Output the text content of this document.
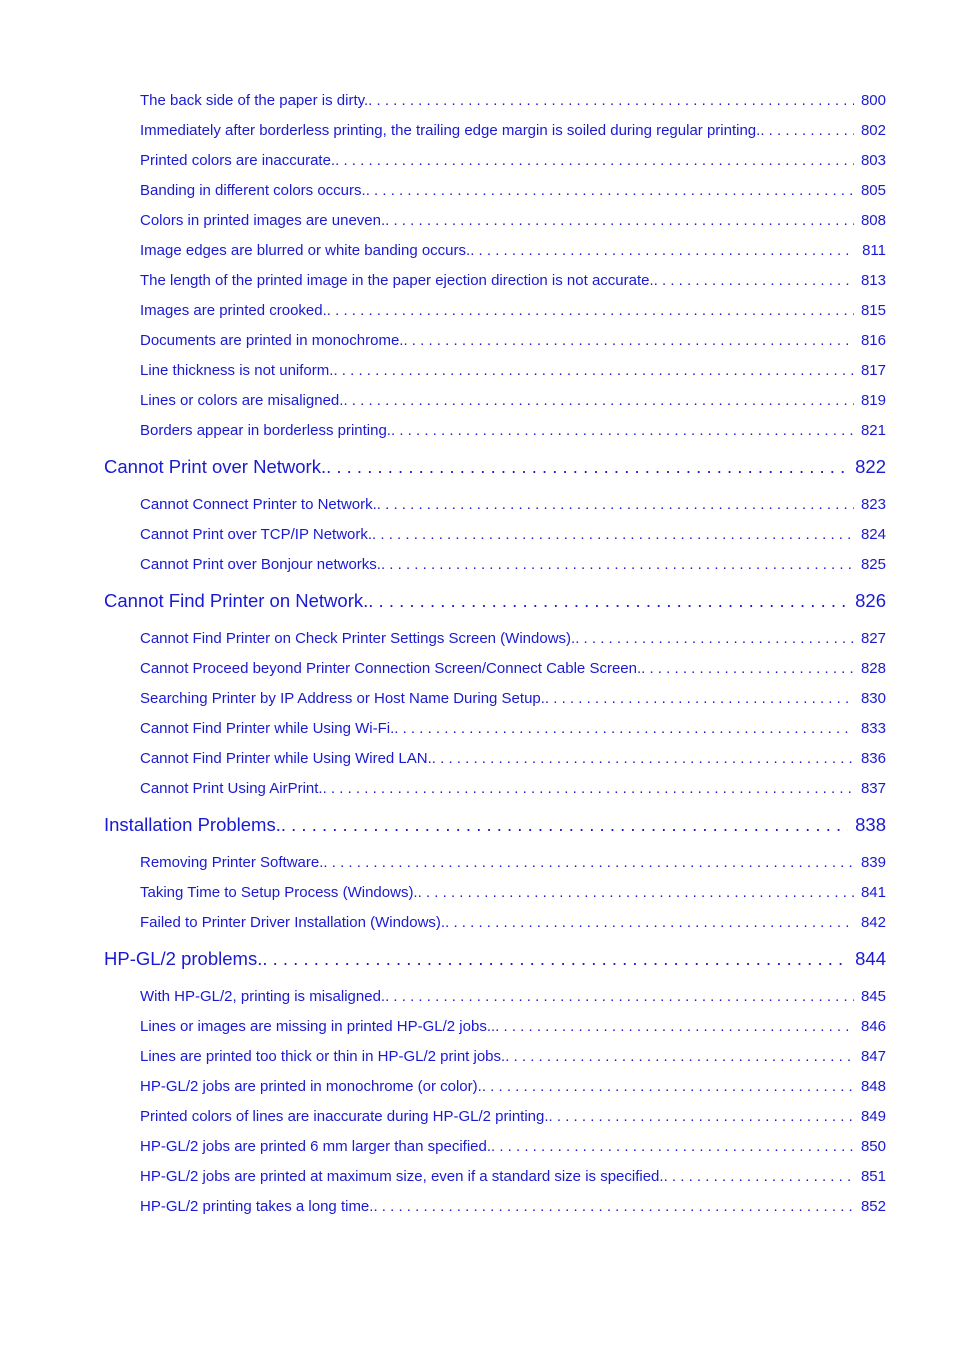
The back side of the paper is dirty. . . .	800
Immediately after borderless printing, the trailing edge margin is soiled during regular printing. . . .	802
Printed colors are inaccurate. . . .	803
Banding in different colors occurs. . . .	805
Colors in printed images are uneven. . . .	808
Image edges are blurred or white banding occurs. . . .	811
The length of the printed image in the paper ejection direction is not accurate. . . .	813
Images are printed crooked. . . .	815
Documents are printed in monochrome. . . .	816
Line thickness is not uniform. . . .	817
Lines or colors are misaligned. . . .	819
Borders appear in borderless printing. . . .	821
Cannot Print over Network. . . .	822
Cannot Connect Printer to Network. . . .	823
Cannot Print over TCP/IP Network. . . .	824
Cannot Print over Bonjour networks. . . .	825
Cannot Find Printer on Network. . . .	826
Cannot Find Printer on Check Printer Settings Screen (Windows). . . .	827
Cannot Proceed beyond Printer Connection Screen/Connect Cable Screen. . . .	828
Searching Printer by IP Address or Host Name During Setup. . . .	830
Cannot Find Printer while Using Wi-Fi. . . .	833
Cannot Find Printer while Using Wired LAN. . . .	836
Cannot Print Using AirPrint. . . .	837
Installation Problems. . . .	838
Removing Printer Software. . . .	839
Taking Time to Setup Process (Windows). . . .	841
Failed to Printer Driver Installation (Windows). . . .	842
HP-GL/2 problems. . . .	844
With HP-GL/2, printing is misaligned. . . .	845
Lines or images are missing in printed HP-GL/2 jobs.. . . .	846
Lines are printed too thick or thin in HP-GL/2 print jobs. . . .	847
HP-GL/2 jobs are printed in monochrome (or color). . . .	848
Printed colors of lines are inaccurate during HP-GL/2 printing. . . .	849
HP-GL/2 jobs are printed 6 mm larger than specified. . . .	850
HP-GL/2 jobs are printed at maximum size, even if a standard size is specified. . . .	851
HP-GL/2 printing takes a long time. . . .	852
